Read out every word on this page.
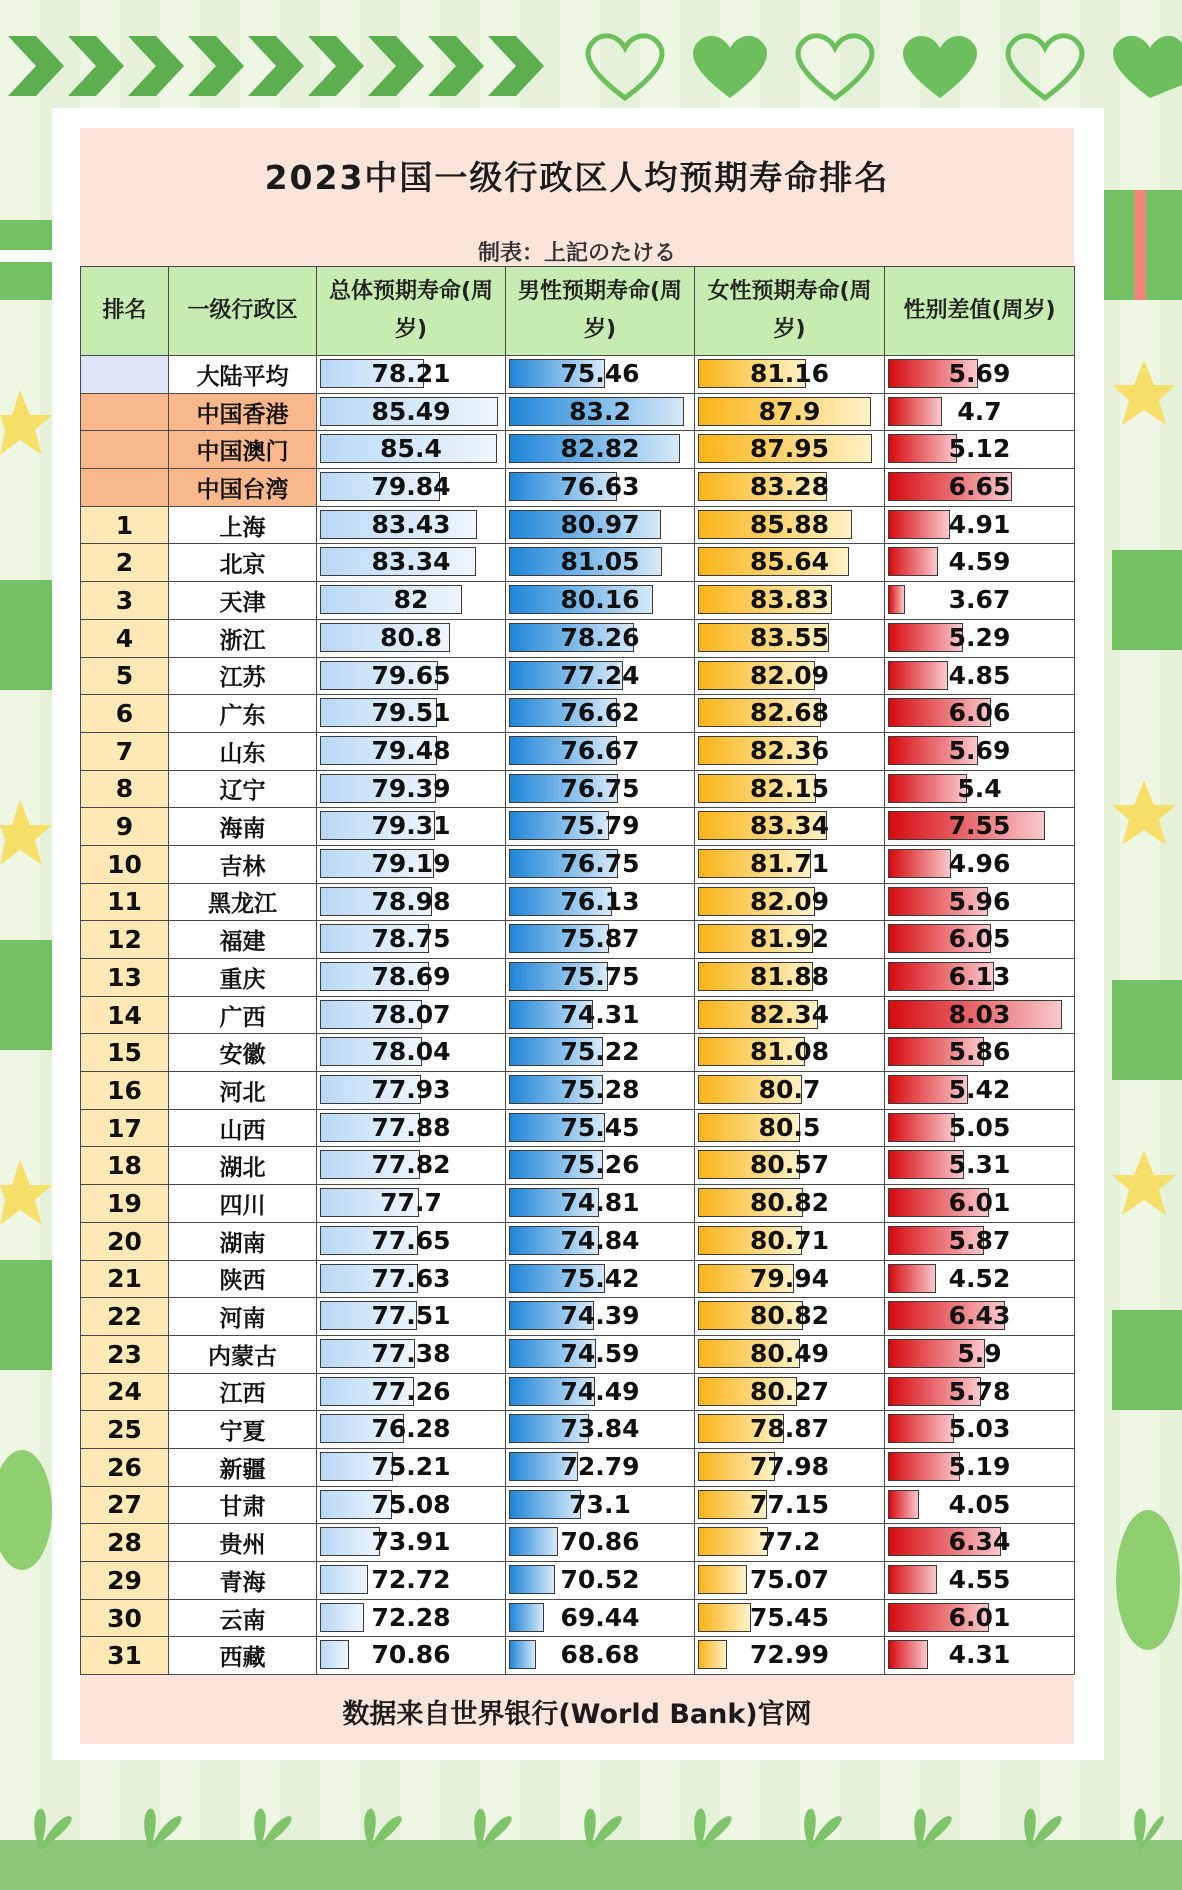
2023中国一级行政区人均预期寿命排名
制表：上記のたける
排名	一级行政区	总体预期寿命(周岁)	男性预期寿命(周岁)	女性预期寿命(周岁)	性别差值(周岁)
	大陆平均	78.21	75.46	81.16	5.69

	中国香港	85.49	83.2	87.9	4.7

	中国澳门	85.4	82.82	87.95	5.12

	中国台湾	79.84	76.63	83.28	6.65

1	上海	83.43	80.97	85.88	4.91

2	北京	83.34	81.05	85.64	4.59

3	天津	82	80.16	83.83	3.67

4	浙江	80.8	78.26	83.55	5.29

5	江苏	79.65	77.24	82.09	4.85

6	广东	79.51	76.62	82.68	6.06

7	山东	79.48	76.67	82.36	5.69

8	辽宁	79.39	76.75	82.15	5.4

9	海南	79.31	75.79	83.34	7.55

10	吉林	79.19	76.75	81.71	4.96

11	黑龙江	78.98	76.13	82.09	5.96

12	福建	78.75	75.87	81.92	6.05

13	重庆	78.69	75.75	81.88	6.13

14	广西	78.07	74.31	82.34	8.03

15	安徽	78.04	75.22	81.08	5.86

16	河北	77.93	75.28	80.7	5.42

17	山西	77.88	75.45	80.5	5.05

18	湖北	77.82	75.26	80.57	5.31

19	四川	77.7	74.81	80.82	6.01

20	湖南	77.65	74.84	80.71	5.87

21	陕西	77.63	75.42	79.94	4.52

22	河南	77.51	74.39	80.82	6.43

23	内蒙古	77.38	74.59	80.49	5.9

24	江西	77.26	74.49	80.27	5.78

25	宁夏	76.28	73.84	78.87	5.03

26	新疆	75.21	72.79	77.98	5.19

27	甘肃	75.08	73.1	77.15	4.05

28	贵州	73.91	70.86	77.2	6.34

29	青海	72.72	70.52	75.07	4.55

30	云南	72.28	69.44	75.45	6.01

31	西藏	70.86	68.68	72.99	4.31
数据来自世界银行(World Bank)官网
